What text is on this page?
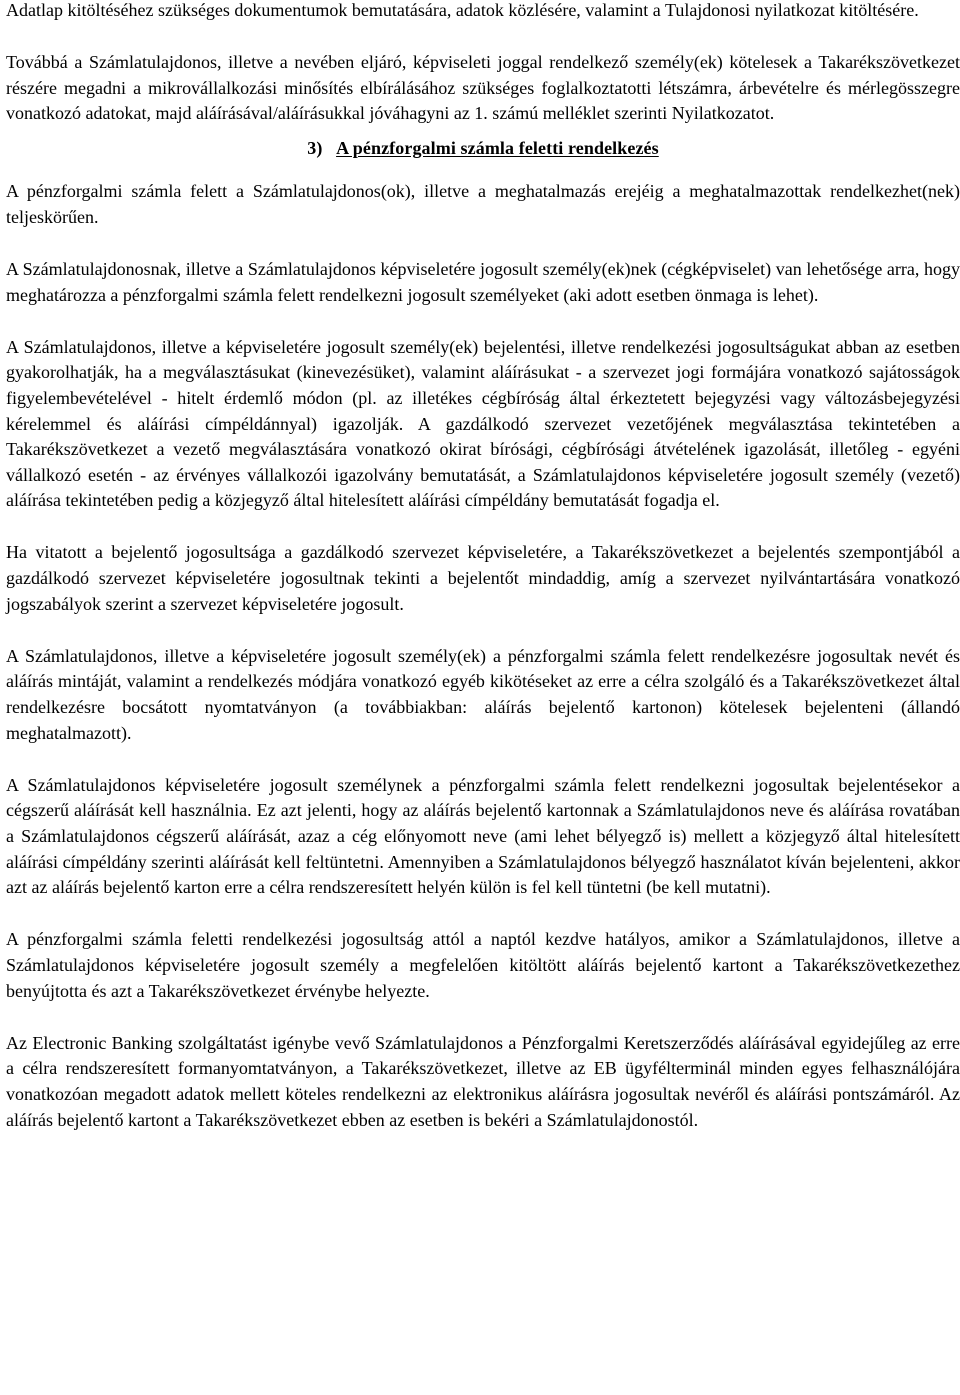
Adatlap kitöltéséhez szükséges dokumentumok bemutatására, adatok közlésére, valamint a Tulajdonosi nyilatkozat kitöltésére.

Továbbá a Számlatulajdonos, illetve a nevében eljáró, képviseleti joggal rendelkező személy(ek) kötelesek a Takarékszövetkezet részére megadni a mikrovállalkozási minősítés elbírálásához szükséges foglalkoztatotti létszámra, árbevételre és mérlegösszegre vonatkozó adatokat, majd aláírásával/aláírásukkal jóváhagyni az 1. számú melléklet szerinti Nyilatkozatot.

3) A pénzforgalmi számla feletti rendelkezés

A pénzforgalmi számla felett a Számlatulajdonos(ok), illetve a meghatalmazás erejéig a meghatalmazottak rendelkezhet(nek) teljeskörűen.

A Számlatulajdonosnak, illetve a Számlatulajdonos képviseletére jogosult személy(ek)nek (cégképviselet) van lehetősége arra, hogy meghatározza a pénzforgalmi számla felett rendelkezni jogosult személyeket (aki adott esetben önmaga is lehet).

A Számlatulajdonos, illetve a képviseletére jogosult személy(ek) bejelentési, illetve rendelkezési jogosultságukat abban az esetben gyakorolhatják, ha a megválasztásukat (kinevezésüket), valamint aláírásukat - a szervezet jogi formájára vonatkozó sajátosságok figyelembevételével - hitelt érdemlő módon (pl. az illetékes cégbíróság által érkeztetett bejegyzési vagy változásbejegyzési kérelemmel és aláírási címpéldánnyal) igazolják. A gazdálkodó szervezet vezetőjének megválasztása tekintetében a Takarékszövetkezet a vezető megválasztására vonatkozó okirat bírósági, cégbírósági átvételének igazolását, illetőleg - egyéni vállalkozó esetén - az érvényes vállalkozói igazolvány bemutatását, a Számlatulajdonos képviseletére jogosult személy (vezető) aláírása tekintetében pedig a közjegyző által hitelesített aláírási címpéldány bemutatását fogadja el.

Ha vitatott a bejelentő jogosultsága a gazdálkodó szervezet képviseletére, a Takarékszövetkezet a bejelentés szempontjából a gazdálkodó szervezet képviseletére jogosultnak tekinti a bejelentőt mindaddig, amíg a szervezet nyilvántartására vonatkozó jogszabályok szerint a szervezet képviseletére jogosult.

A Számlatulajdonos, illetve a képviseletére jogosult személy(ek) a pénzforgalmi számla felett rendelkezésre jogosultak nevét és aláírás mintáját, valamint a rendelkezés módjára vonatkozó egyéb kikötéseket az erre a célra szolgáló és a Takarékszövetkezet által rendelkezésre bocsátott nyomtatványon (a továbbiakban: aláírás bejelentő kartonon) kötelesek bejelenteni (állandó meghatalmazott).

A Számlatulajdonos képviseletére jogosult személynek a pénzforgalmi számla felett rendelkezni jogosultak bejelentésekor a cégszerű aláírását kell használnia. Ez azt jelenti, hogy az aláírás bejelentő kartonnak a Számlatulajdonos neve és aláírása rovatában a Számlatulajdonos cégszerű aláírását, azaz a cég előnyomott neve (ami lehet bélyegző is) mellett a közjegyző által hitelesített aláírási címpéldány szerinti aláírását kell feltüntetni. Amennyiben a Számlatulajdonos bélyegző használatot kíván bejelenteni, akkor azt az aláírás bejelentő karton erre a célra rendszeresített helyén külön is fel kell tüntetni (be kell mutatni).

A pénzforgalmi számla feletti rendelkezési jogosultság attól a naptól kezdve hatályos, amikor a Számlatulajdonos, illetve a Számlatulajdonos képviseletére jogosult személy a megfelelően kitöltött aláírás bejelentő kartont a Takarékszövetkezethez benyújtotta és azt a Takarékszövetkezet érvénybe helyezte.

Az Electronic Banking szolgáltatást igénybe vevő Számlatulajdonos a Pénzforgalmi Keretszerződés aláírásával egyidejűleg az erre a célra rendszeresített formanyomtatványon, a Takarékszövetkezet, illetve az EB ügyfélterminál minden egyes felhasználójára vonatkozóan megadott adatok mellett köteles rendelkezni az elektronikus aláírásra jogosultak nevéről és aláírási pontszámáról. Az aláírás bejelentő kartont a Takarékszövetkezet ebben az esetben is bekéri a Számlatulajdonostól.
